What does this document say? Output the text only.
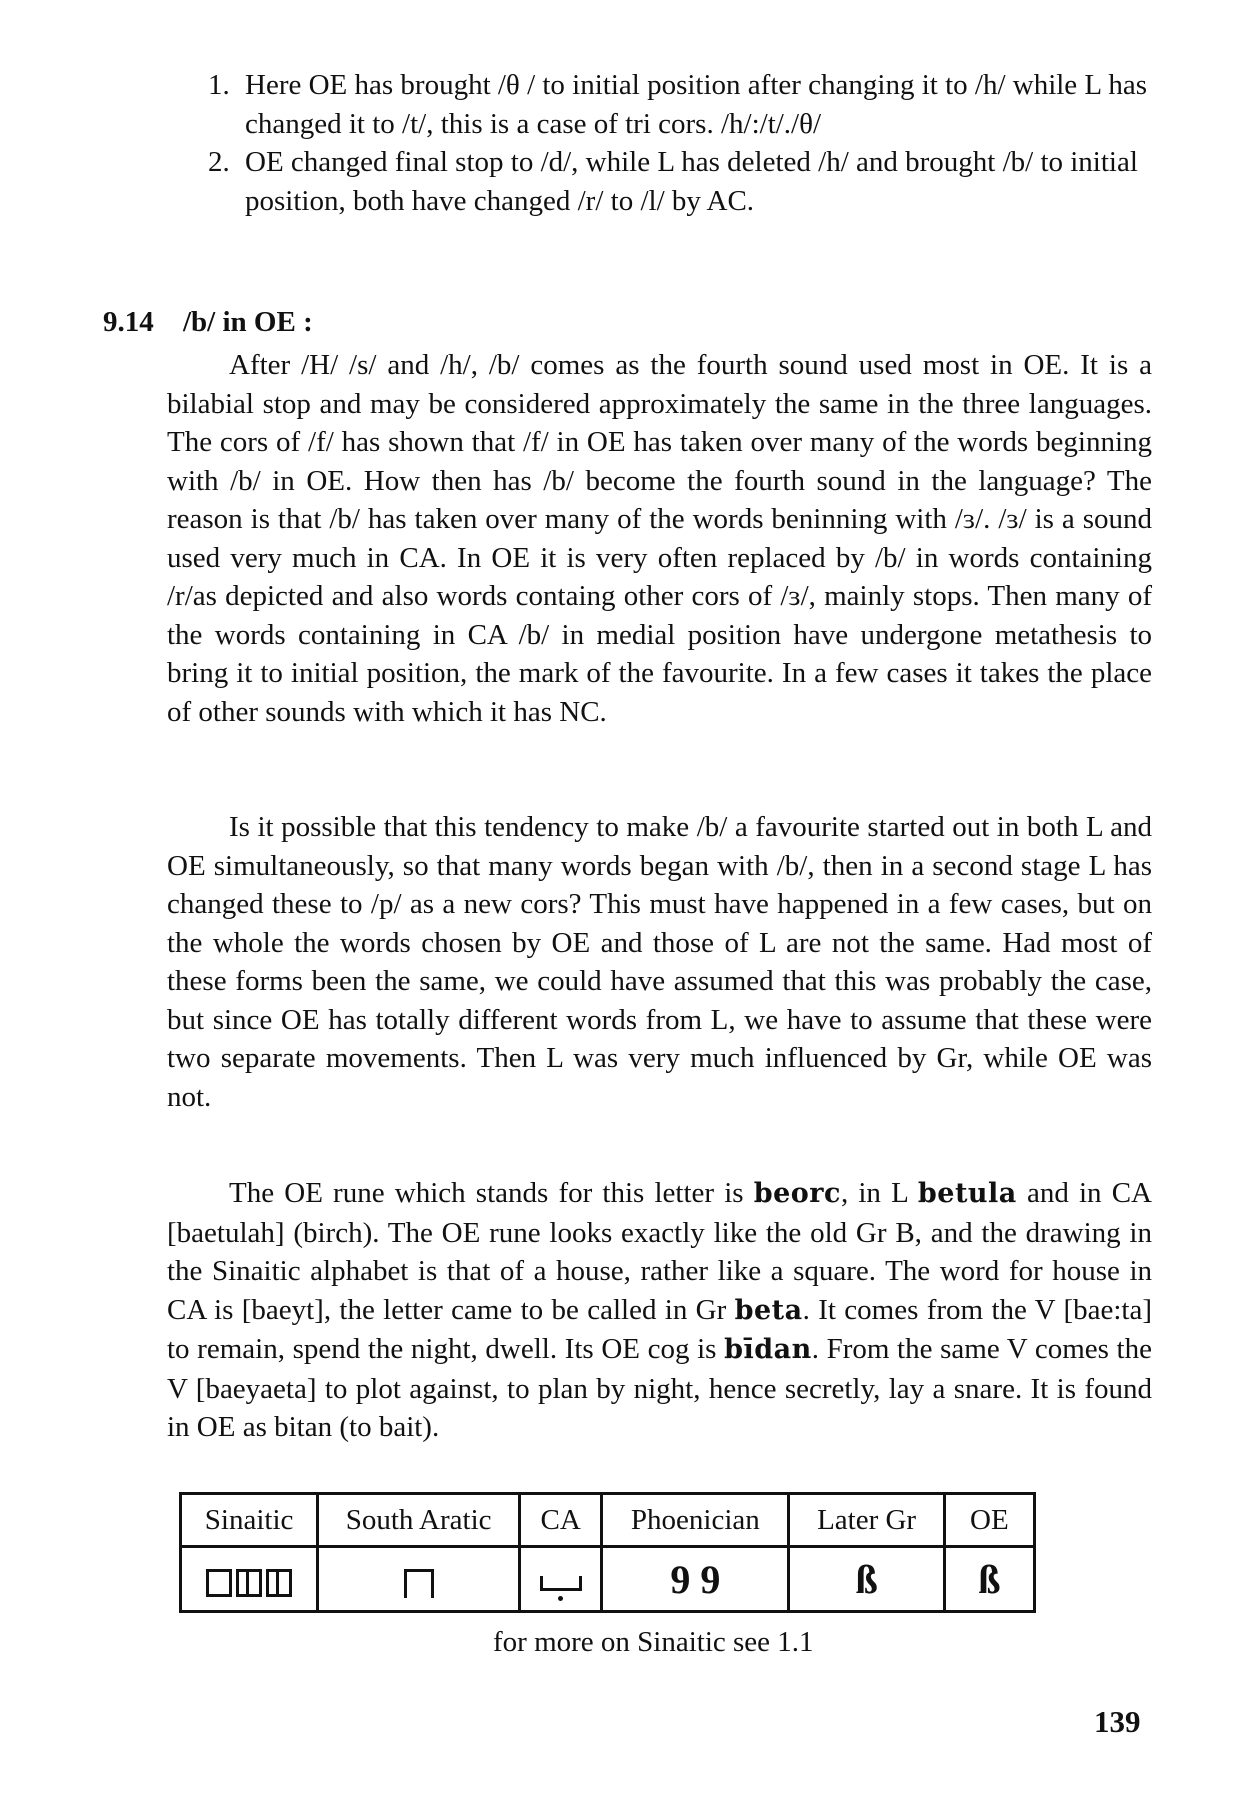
1. Here OE has brought /θ / to initial position after changing it to /h/ while L has changed it to /t/, this is a case of tri cors. /h/:/t/./θ/
2. OE changed final stop to /d/, while L has deleted /h/ and brought /b/ to initial position, both have changed /r/ to /l/ by AC.
9.14 /b/ in OE :

After /H/ /s/ and /h/, /b/ comes as the fourth sound used most in OE. It is a bilabial stop and may be considered approximately the same in the three languages. The cors of /f/ has shown that /f/ in OE has taken over many of the words beginning with /b/ in OE. How then has /b/ become the fourth sound in the language? The reason is that /b/ has taken over many of the words beninning with /ɜ/. /ɜ/ is a sound used very much in CA. In OE it is very often replaced by /b/ in words containing /r/as depicted and also words containg other cors of /ɜ/, mainly stops. Then many of the words containing in CA /b/ in medial position have undergone metathesis to bring it to initial position, the mark of the favourite. In a few cases it takes the place of other sounds with which it has NC.

Is it possible that this tendency to make /b/ a favourite started out in both L and OE simultaneously, so that many words began with /b/, then in a second stage L has changed these to /p/ as a new cors? This must have happened in a few cases, but on the whole the words chosen by OE and those of L are not the same. Had most of these forms been the same, we could have assumed that this was probably the case, but since OE has totally different words from L, we have to assume that these were two separate movements. Then L was very much influenced by Gr, while OE was not.

The OE rune which stands for this letter is beorc, in L betula and in CA [baetulah] (birch). The OE rune looks exactly like the old Gr B, and the drawing in the Sinaitic alphabet is that of a house, rather like a square. The word for house in CA is [baeyt], the letter came to be called in Gr beta. It comes from the V [bae:ta] to remain, spend the night, dwell. Its OE cog is bīdan. From the same V comes the V [baeyaeta] to plot against, to plan by night, hence secretly, lay a snare. It is found in OE as bitan (to bait).

Sinaitic	South Aratic	CA	Phoenician	Later Gr	OE
			9 9	ß	ß
for more on Sinaitic see 1.1
139
